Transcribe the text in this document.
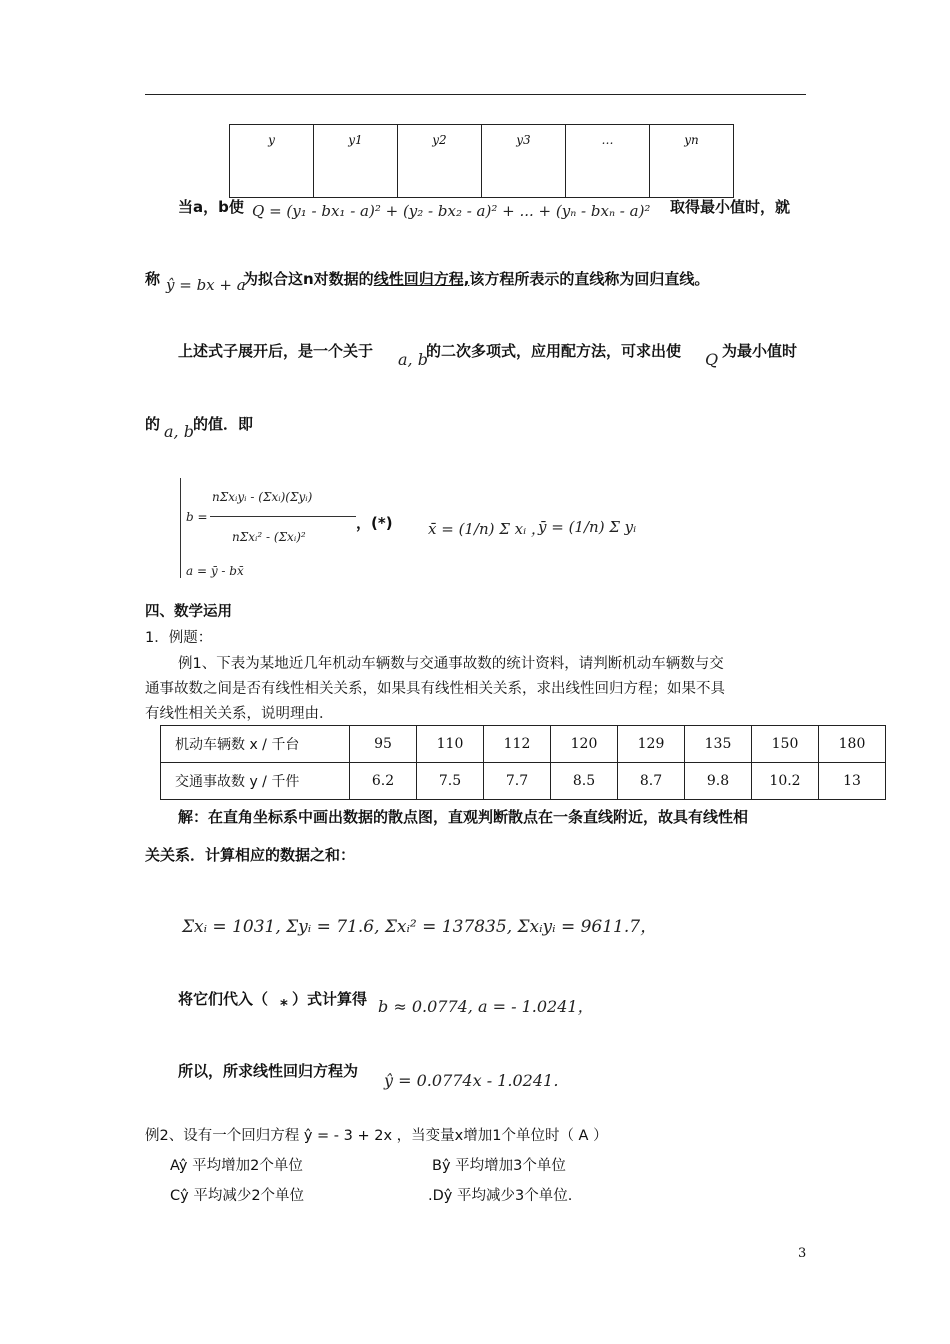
y	y1	y2	y3	…	yn
当a，b使 Q = (y₁ - bx₁ - a)² + (y₂ - bx₂ - a)² + ... + (yₙ - bxₙ - a)² 取得最小值时，就
称 ŷ = bx + a
为拟合这n对数据的线性回归方程,该方程所表示的直线称为回归直线。
上述式子展开后，是一个关于 a, b
的二次多项式，应用配方法，可求出使 Q 为最小值时
的 a, b 的值．即
b =
nΣxᵢyᵢ - (Σxᵢ)(Σyᵢ)
nΣxᵢ² - (Σxᵢ)²
a = ȳ - bx̄
，(*) x̄ = (1/n) Σ xᵢ ，
ȳ = (1/n) Σ yᵢ
四、数学运用
1．例题：
例1、下表为某地近几年机动车辆数与交通事故数的统计资料，请判断机动车辆数与交
通事故数之间是否有线性相关关系，如果具有线性相关关系，求出线性回归方程；如果不具
有线性相关关系，说明理由．
机动车辆数 x / 千台	95	110	112	120	129	135	150	180
交通事故数 y / 千件	6.2	7.5	7.7	8.5	8.7	9.8	10.2	13
解：在直角坐标系中画出数据的散点图，直观判断散点在一条直线附近，故具有线性相
关关系．计算相应的数据之和：
Σxᵢ = 1031, Σyᵢ = 71.6, Σxᵢ² = 137835, Σxᵢyᵢ = 9611.7，
将它们代入（ * ）式计算得 b ≈ 0.0774, a = - 1.0241，
所以，所求线性回归方程为 ŷ = 0.0774x - 1.0241．
例2、设有一个回归方程 ŷ = - 3 + 2x ，当变量x增加1个单位时（ A ）
Aŷ 平均增加2个单位	Bŷ 平均增加3个单位
Cŷ 平均减少2个单位	.Dŷ 平均减少3个单位.
3
